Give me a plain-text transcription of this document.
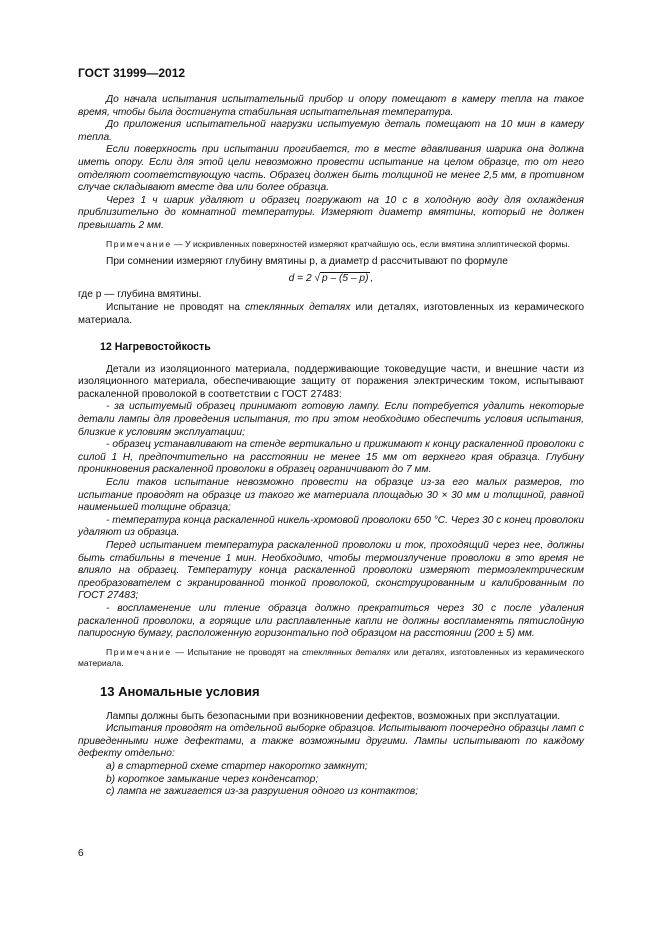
ГОСТ 31999—2012

До начала испытания испытательный прибор и опору помещают в камеру тепла на такое время, чтобы была достигнута стабильная испытательная температура.

До приложения испытательной нагрузки испытуемую деталь помещают на 10 мин в камеру тепла.

Если поверхность при испытании прогибается, то в месте вдавливания шарика она должна иметь опору. Если для этой цели невозможно провести испытание на целом образце, то от него отделяют соответствующую часть. Образец должен быть толщиной не менее 2,5 мм, в противном случае складывают вместе два или более образца.

Через 1 ч шарик удаляют и образец погружают на 10 с в холодную воду для охлаждения приблизительно до комнатной температуры. Измеряют диаметр вмятины, который не должен превышать 2 мм.

Примечание — У искривленных поверхностей измеряют кратчайшую ось, если вмятина эллиптической формы.

При сомнении измеряют глубину вмятины р, а диаметр d рассчитывают по формуле

d = 2 √ p – (5 – p) ,

где р — глубина вмятины.

Испытание не проводят на стеклянных деталях или деталях, изготовленных из керамического материала.

12 Нагревостойкость

Детали из изоляционного материала, поддерживающие токоведущие части, и внешние части из изоляционного материала, обеспечивающие защиту от поражения электрическим током, испытывают раскаленной проволокой в соответствии с ГОСТ 27483:

- за испытуемый образец принимают готовую лампу. Если потребуется удалить некоторые детали лампы для проведения испытания, то при этом необходимо обеспечить условия испытания, близкие к условиям эксплуатации;

- образец устанавливают на стенде вертикально и прижимают к концу раскаленной проволоки с силой 1 Н, предпочтительно на расстоянии не менее 15 мм от верхнего края образца. Глубину проникновения раскаленной проволоки в образец ограничивают до 7 мм.

Если таков испытание невозможно провести на образце из-за его малых размеров, то испытание проводят на образце из такого же материала площадью 30 × 30 мм и толщиной, равной наименьшей толщине образца;

- температура конца раскаленной никель-хромовой проволоки 650 °С. Через 30 с конец проволоки удаляют из образца.

Перед испытанием температура раскаленной проволоки и ток, проходящий через нее, должны быть стабильны в течение 1 мин. Необходимо, чтобы термоизлучение проволоки в это время не влияло на образец. Температуру конца раскаленной проволоки измеряют термоэлектрическим преобразователем с экранированной тонкой проволокой, сконструированным и калиброванным по ГОСТ 27483;

- воспламенение или тление образца должно прекратиться через 30 с после удаления раскаленной проволоки, а горящие или расплавленные капли не должны воспламенять пятислойную папиросную бумагу, расположенную горизонтально под образцом на расстоянии (200 ± 5) мм.

Примечание — Испытание не проводят на стеклянных деталях или деталях, изготовленных из керамического материала.

13 Аномальные условия

Лампы должны быть безопасными при возникновении дефектов, возможных при эксплуатации.

Испытания проводят на отдельной выборке образцов. Испытывают поочередно образцы ламп с приведенными ниже дефектами, а также возможными другими. Лампы испытывают по каждому дефекту отдельно:

а) в стартерной схеме стартер накоротко замкнут;

b) короткое замыкание через конденсатор;

c) лампа не зажигается из-за разрушения одного из контактов;

6
